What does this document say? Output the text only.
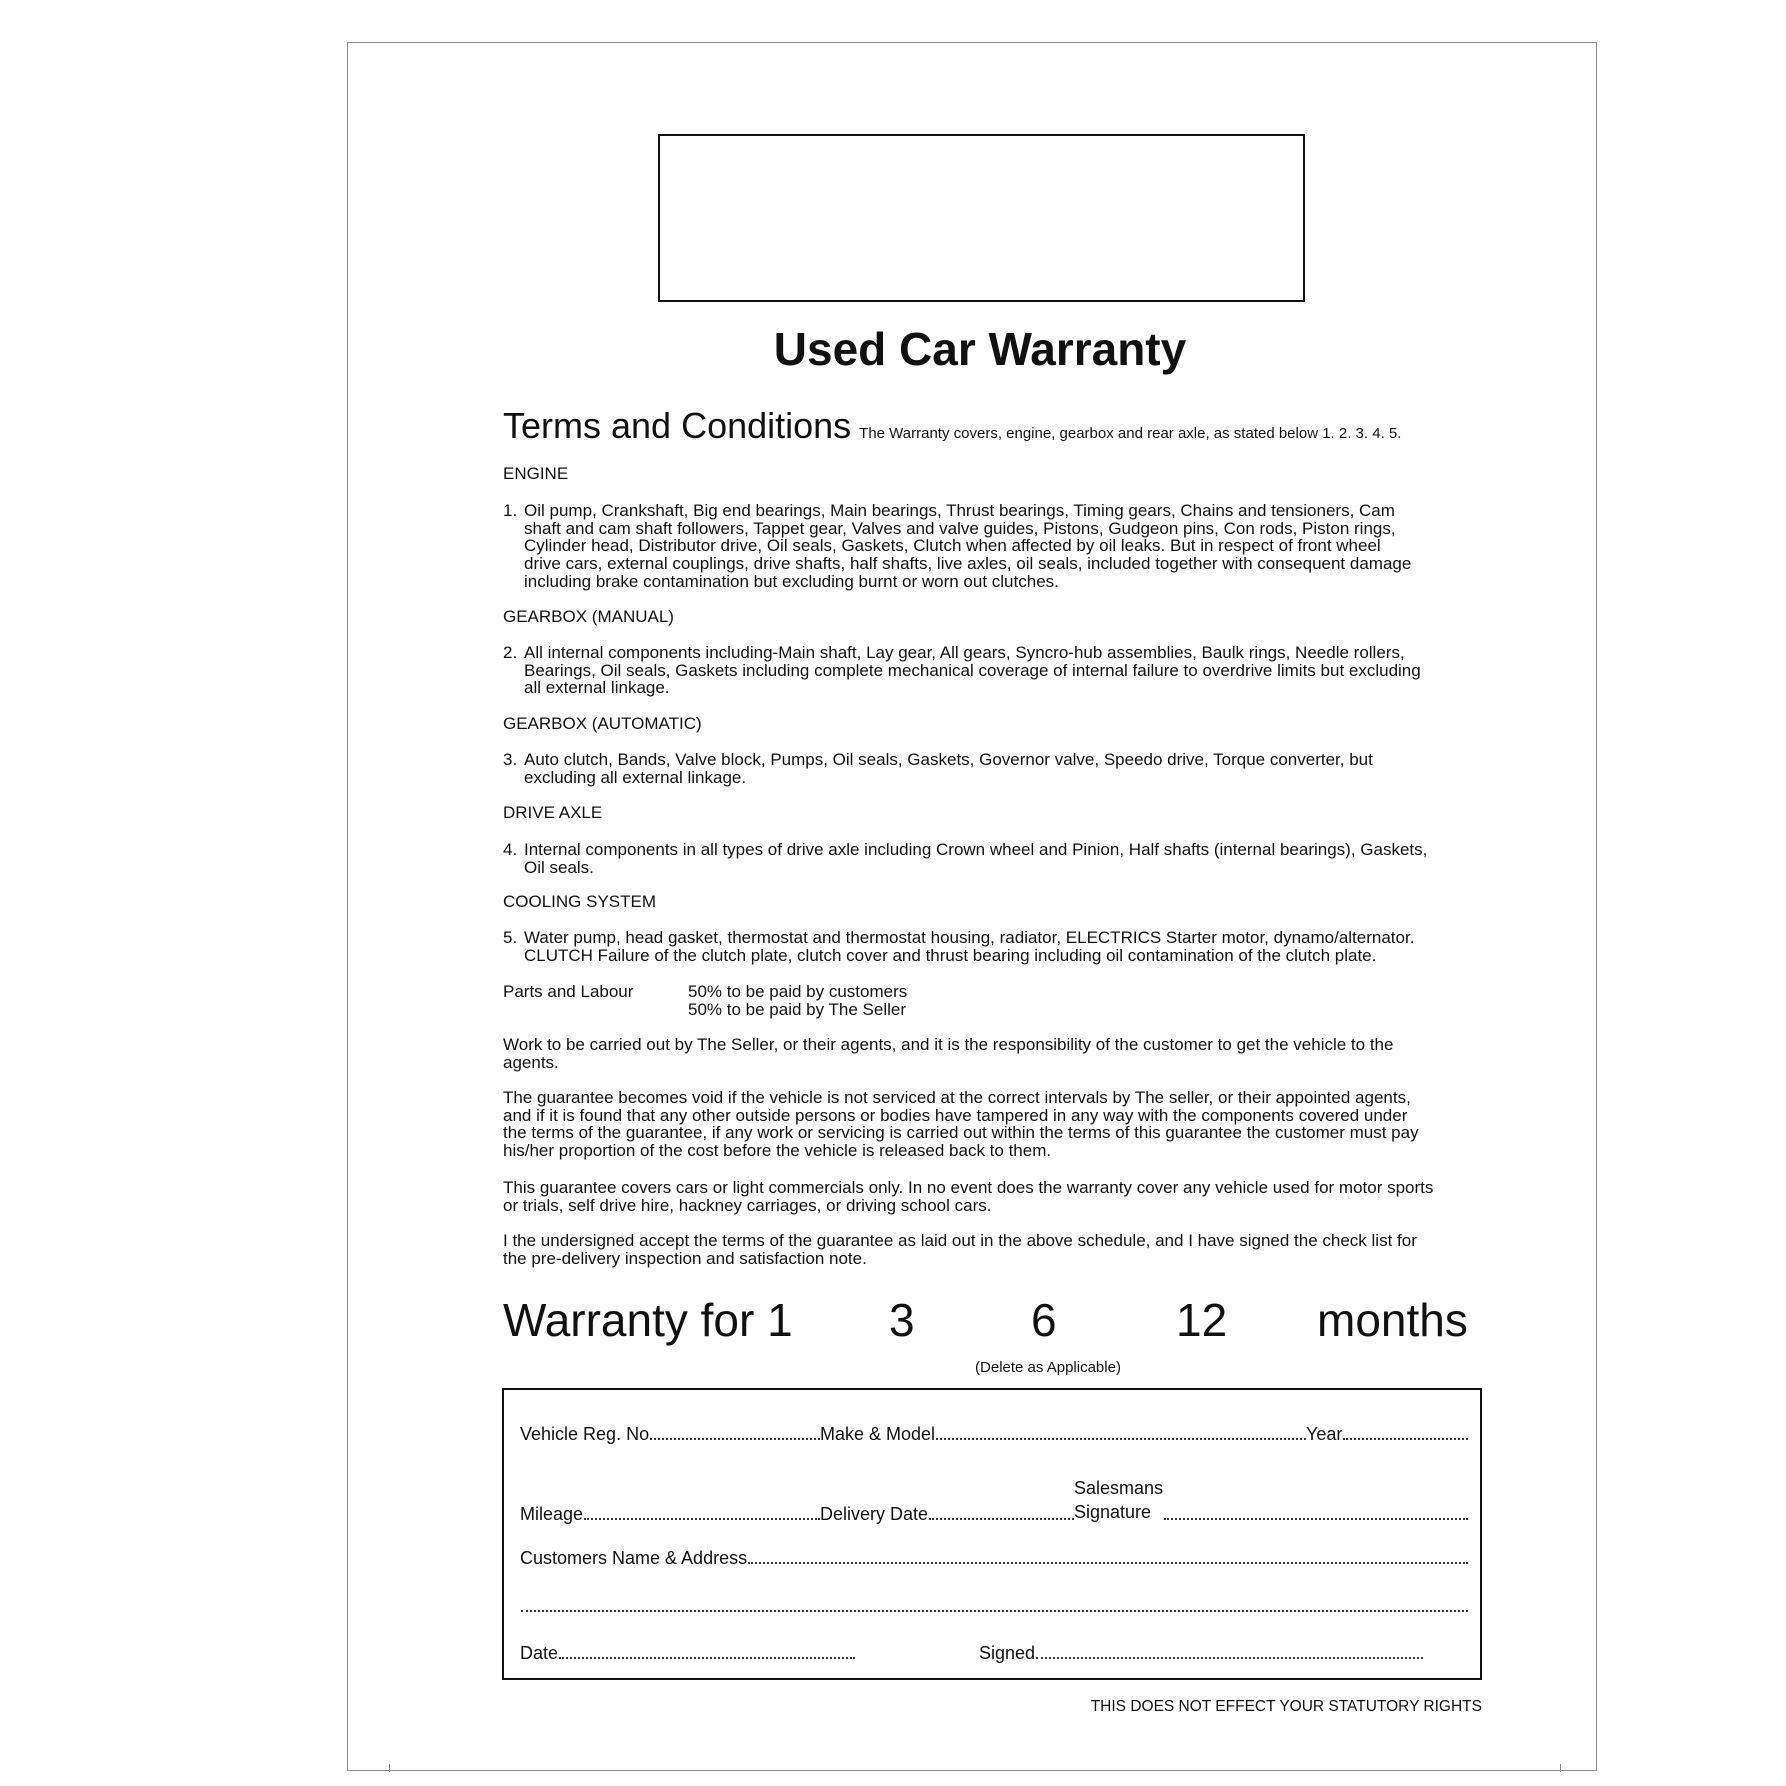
Used Car Warranty
Terms and Conditions The Warranty covers, engine, gearbox and rear axle, as stated below 1. 2. 3. 4. 5.
ENGINE
1. Oil pump, Crankshaft, Big end bearings, Main bearings, Thrust bearings, Timing gears, Chains and tensioners, Cam
shaft and cam shaft followers, Tappet gear, Valves and valve guides, Pistons, Gudgeon pins, Con rods, Piston rings,
Cylinder head, Distributor drive, Oil seals, Gaskets, Clutch when affected by oil leaks. But in respect of front wheel
drive cars, external couplings, drive shafts, half shafts, live axles, oil seals, included together with consequent damage
including brake contamination but excluding burnt or worn out clutches.
GEARBOX (MANUAL)
2. All internal components including-Main shaft, Lay gear, All gears, Syncro-hub assemblies, Baulk rings, Needle rollers,
Bearings, Oil seals, Gaskets including complete mechanical coverage of internal failure to overdrive limits but excluding
all external linkage.
GEARBOX (AUTOMATIC)
3. Auto clutch, Bands, Valve block, Pumps, Oil seals, Gaskets, Governor valve, Speedo drive, Torque converter, but
excluding all external linkage.
DRIVE AXLE
4. Internal components in all types of drive axle including Crown wheel and Pinion, Half shafts (internal bearings), Gaskets,
Oil seals.
COOLING SYSTEM
5. Water pump, head gasket, thermostat and thermostat housing, radiator, ELECTRICS Starter motor, dynamo/alternator.
CLUTCH Failure of the clutch plate, clutch cover and thrust bearing including oil contamination of the clutch plate.
Parts and Labour	50% to be paid by customers
50% to be paid by The Seller
Work to be carried out by The Seller, or their agents, and it is the responsibility of the customer to get the vehicle to the
agents.
The guarantee becomes void if the vehicle is not serviced at the correct intervals by The seller, or their appointed agents,
and if it is found that any other outside persons or bodies have tampered in any way with the components covered under
the terms of the guarantee, if any work or servicing is carried out within the terms of this guarantee the customer must pay
his/her proportion of the cost before the vehicle is released back to them.
This guarantee covers cars or light commercials only. In no event does the warranty cover any vehicle used for motor sports
or trials, self drive hire, hackney carriages, or driving school cars.
I the undersigned accept the terms of the guarantee as laid out in the above schedule, and I have signed the check list for
the pre-delivery inspection and satisfaction note.
Warranty for 1 3	6	12 months
(Delete as Applicable)
Vehicle Reg. No	Make & Model	Year
Mileage	Delivery Date
Salesmans
Signature
Customers Name & Address
Date	Signed
THIS DOES NOT EFFECT YOUR STATUTORY RIGHTS
